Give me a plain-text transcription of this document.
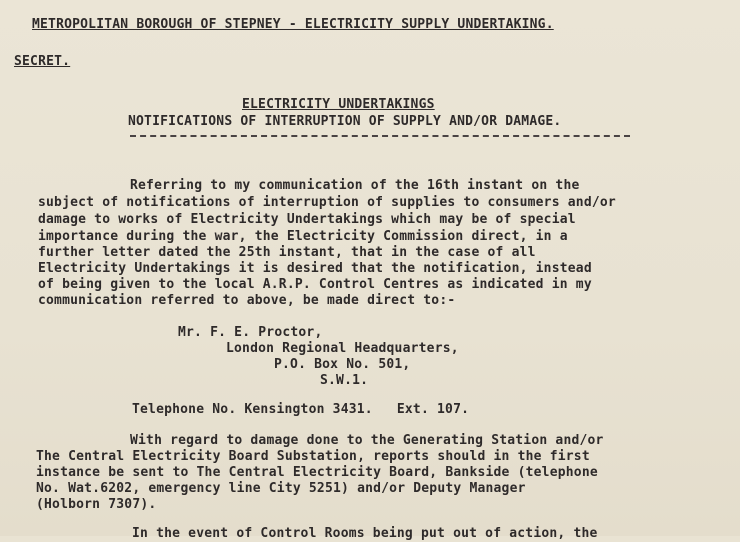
METROPOLITAN BOROUGH OF STEPNEY - ELECTRICITY SUPPLY UNDERTAKING.
SECRET.
ELECTRICITY UNDERTAKINGS
NOTIFICATIONS OF INTERRUPTION OF SUPPLY AND/OR DAMAGE.
Referring to my communication of the 16th instant on the
subject of notifications of interruption of supplies to consumers and/or
damage to works of Electricity Undertakings which may be of special
importance during the war, the Electricity Commission direct, in a
further letter dated the 25th instant, that in the case of all
Electricity Undertakings it is desired that the notification, instead
of being given to the local A.R.P. Control Centres as indicated in my
communication referred to above, be made direct to:-
Mr. F. E. Proctor,
London Regional Headquarters,
P.O. Box No. 501,
S.W.1.
Telephone No. Kensington 3431.   Ext. 107.
With regard to damage done to the Generating Station and/or
The Central Electricity Board Substation, reports should in the first
instance be sent to The Central Electricity Board, Bankside (telephone
No. Wat.6202, emergency line City 5251) and/or Deputy Manager
(Holborn 7307).
In the event of Control Rooms being put out of action, the
